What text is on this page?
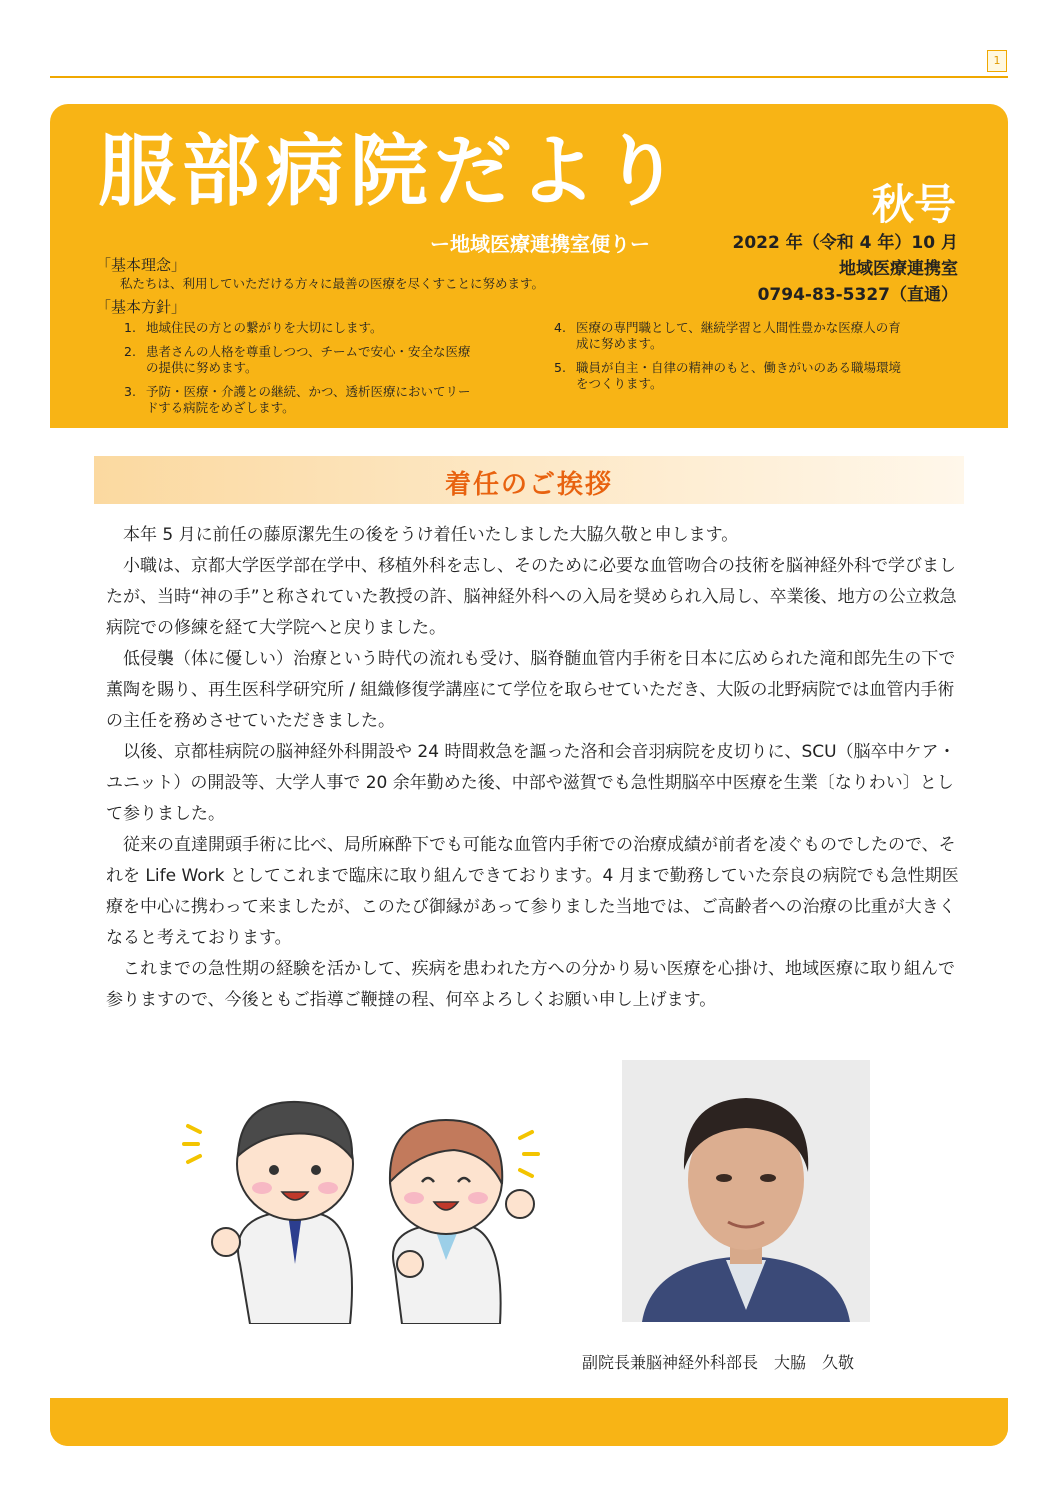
1
服部病院だより	秋号
ー地域医療連携室便りー	2022 年（令和 4 年）10 月
地域医療連携室
0794-83-5327（直通）
「基本理念」
私たちは、利用していただける方々に最善の医療を尽くすことに努めます。
「基本方針」
1. 地域住民の方との繋がりを大切にします。
2. 患者さんの人格を尊重しつつ、チームで安心・安全な医療
の提供に努めます。
3. 予防・医療・介護との継続、かつ、透析医療においてリー
ドする病院をめざします。
4. 医療の専門職として、継続学習と人間性豊かな医療人の育
成に努めます。
5. 職員が自主・自律の精神のもと、働きがいのある職場環境
をつくります。
着任のご挨拶

本年 5 月に前任の藤原潔先生の後をうけ着任いたしました大脇久敬と申します。

小職は、京都大学医学部在学中、移植外科を志し、そのために必要な血管吻合の技術を脳神経外科で学びましたが、当時“神の手”と称されていた教授の許、脳神経外科への入局を奨められ入局し、卒業後、地方の公立救急病院での修練を経て大学院へと戻りました。

低侵襲（体に優しい）治療という時代の流れも受け、脳脊髄血管内手術を日本に広められた滝和郎先生の下で薫陶を賜り、再生医科学研究所 / 組織修復学講座にて学位を取らせていただき、大阪の北野病院では血管内手術の主任を務めさせていただきました。

以後、京都桂病院の脳神経外科開設や 24 時間救急を謳った洛和会音羽病院を皮切りに、SCU（脳卒中ケア・ユニット）の開設等、大学人事で 20 余年勤めた後、中部や滋賀でも急性期脳卒中医療を生業〔なりわい〕として参りました。

従来の直達開頭手術に比べ、局所麻酔下でも可能な血管内手術での治療成績が前者を凌ぐものでしたので、それを Life Work としてこれまで臨床に取り組んできております。4 月まで勤務していた奈良の病院でも急性期医療を中心に携わって来ましたが、このたび御縁があって参りました当地では、ご高齢者への治療の比重が大きくなると考えております。

これまでの急性期の経験を活かして、疾病を患われた方への分かり易い医療を心掛け、地域医療に取り組んで参りますので、今後ともご指導ご鞭撻の程、何卒よろしくお願い申し上げます。

副院長兼脳神経外科部長　大脇　久敬
